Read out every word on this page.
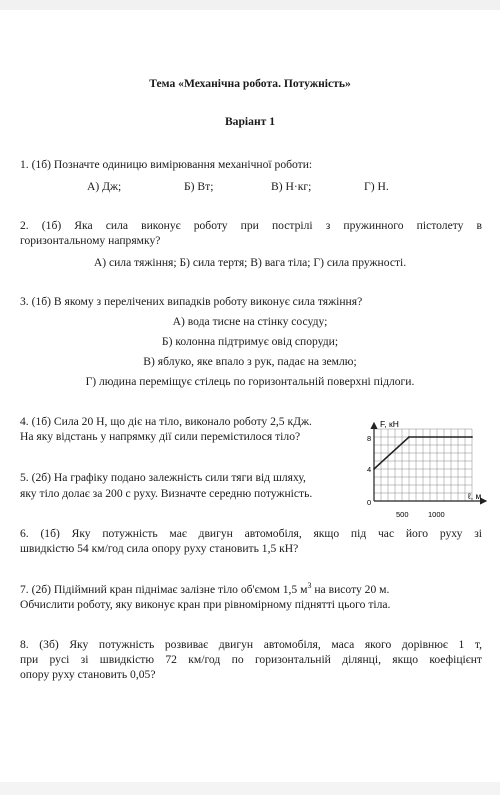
Тема «Механічна робота. Потужність»
Варіант 1
1. (1б) Позначте одиницю вимірювання механічної роботи:
А) Дж;	Б) Вт;	В) Н·кг;	Г) Н.
2. (1б) Яка сила виконує роботу при пострілі з пружинного пістолету в
горизонтальному напрямку?
А) сила тяжіння; Б) сила тертя; В) вага тіла; Г) сила пружності.
3. (1б) В якому з перелічених випадків роботу виконує сила тяжіння?
А) вода тисне на стінку сосуду;
Б) колонна підтримує овід споруди;
В) яблуко, яке впало з рук, падає на землю;
Г) людина переміщує стілець по горизонтальній поверхні підлоги.
4. (1б) Сила 20 Н, що діє на тіло, виконало роботу 2,5 кДж.
На яку відстань у напрямку дії сили перемістилося тіло?
5. (2б) На графіку подано залежність сили тяги від шляху,
яку тіло долає за 200 с руху. Визначте середню потужність.
F, кН
ℓ, м
0
4
8
500	1000
6. (1б) Яку потужність має двигун автомобіля, якщо під час його руху зі
швидкістю 54 км/год сила опору руху становить 1,5 кН?
7. (2б) Підіймний кран піднімає залізне тіло об'ємом 1,5 $м^3$ на висоту 20 м.
Обчислити роботу, яку виконує кран при рівномірному піднятті цього тіла.
8. (3б) Яку потужність розвиває двигун автомобіля, маса якого дорівнює 1 т,
при русі зі швидкістю 72 км/год по горизонтальній ділянці, якщо коефіцієнт
опору руху становить 0,05?
